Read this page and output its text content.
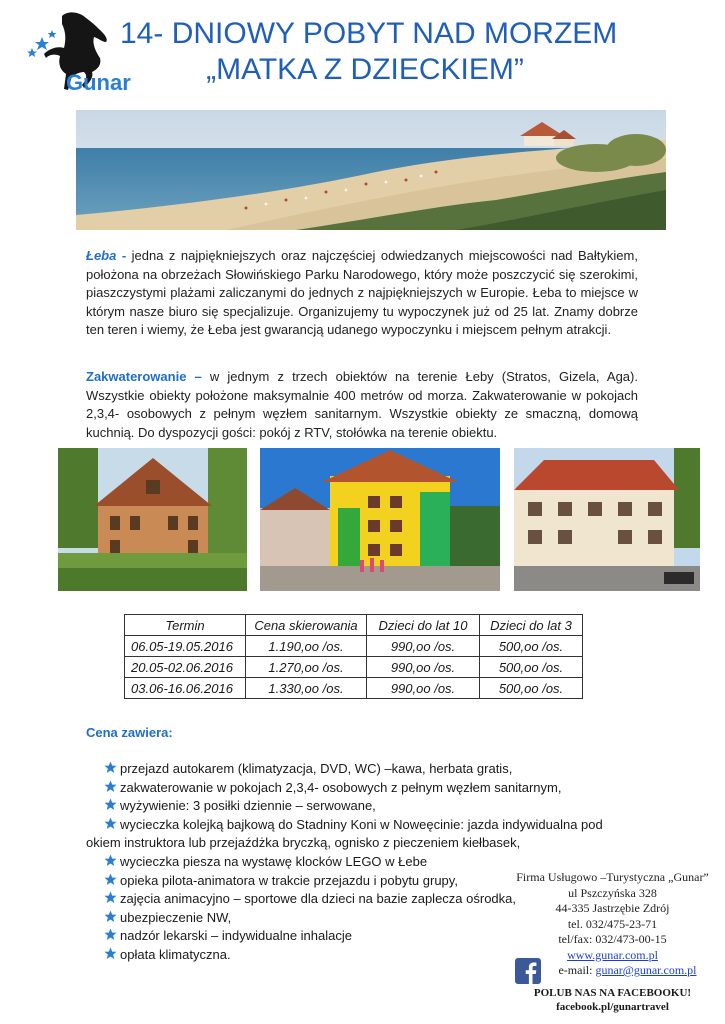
Gunar
14- DNIOWY POBYT NAD MORZEM
„MATKA Z DZIECKIEM”
Łeba - jedna z najpiękniejszych oraz najczęściej odwiedzanych miejscowości nad Bałtykiem, położona na obrzeżach Słowińskiego Parku Narodowego, który może poszczycić się szerokimi, piaszczystymi plażami zaliczanymi do jednych z najpiękniejszych w Europie. Łeba to miejsce w którym nasze biuro się specjalizuje. Organizujemy tu wypoczynek już od 25 lat. Znamy dobrze ten teren i wiemy, że Łeba jest gwarancją udanego wypoczynku i miejscem pełnym atrakcji.
Zakwaterowanie – w jednym z trzech obiektów na terenie Łeby (Stratos, Gizela, Aga). Wszystkie obiekty położone maksymalnie 400 metrów od morza. Zakwaterowanie w pokojach 2,3,4- osobowych z pełnym węzłem sanitarnym. Wszystkie obiekty ze smaczną, domową kuchnią. Do dyspozycji gości: pokój z RTV, stołówka na terenie obiektu.
Termin	Cena skierowania	Dzieci do lat 10	Dzieci do lat 3
06.05-19.05.2016	1.190,oo /os.	990,oo /os.	500,oo /os.
20.05-02.06.2016	1.270,oo /os.	990,oo /os.	500,oo /os.
03.06-16.06.2016	1.330,oo /os.	990,oo /os.	500,oo /os.
Cena zawiera:
przejazd autokarem (klimatyzacja, DVD, WC) –kawa, herbata gratis,
zakwaterowanie w pokojach 2,3,4- osobowych z pełnym węzłem sanitarnym,
wyżywienie: 3 posiłki dziennie – serwowane,
wycieczka kolejką bajkową do Stadniny Koni w Noweęcinie: jazda indywidualna pod
okiem instruktora lub przejaźdżka bryczką, ognisko z pieczeniem kiełbasek,
wycieczka piesza na wystawę klocków LEGO w Łebe
opieka pilota-animatora w trakcie przejazdu i pobytu grupy,
zajęcia animacyjno – sportowe dla dzieci na bazie zaplecza ośrodka,
ubezpieczenie NW,
nadzór lekarski – indywidualne inhalacje
opłata klimatyczna.
Firma Usługowo –Turystyczna „Gunar”
ul Pszczyńska 328
44-335 Jastrzębie Zdrój
tel. 032/475-23-71
tel/fax: 032/473-00-15
www.gunar.com.pl
e-mail: gunar@gunar.com.pl
POLUB NAS NA FACEBOOKU!
facebook.pl/gunartravel
